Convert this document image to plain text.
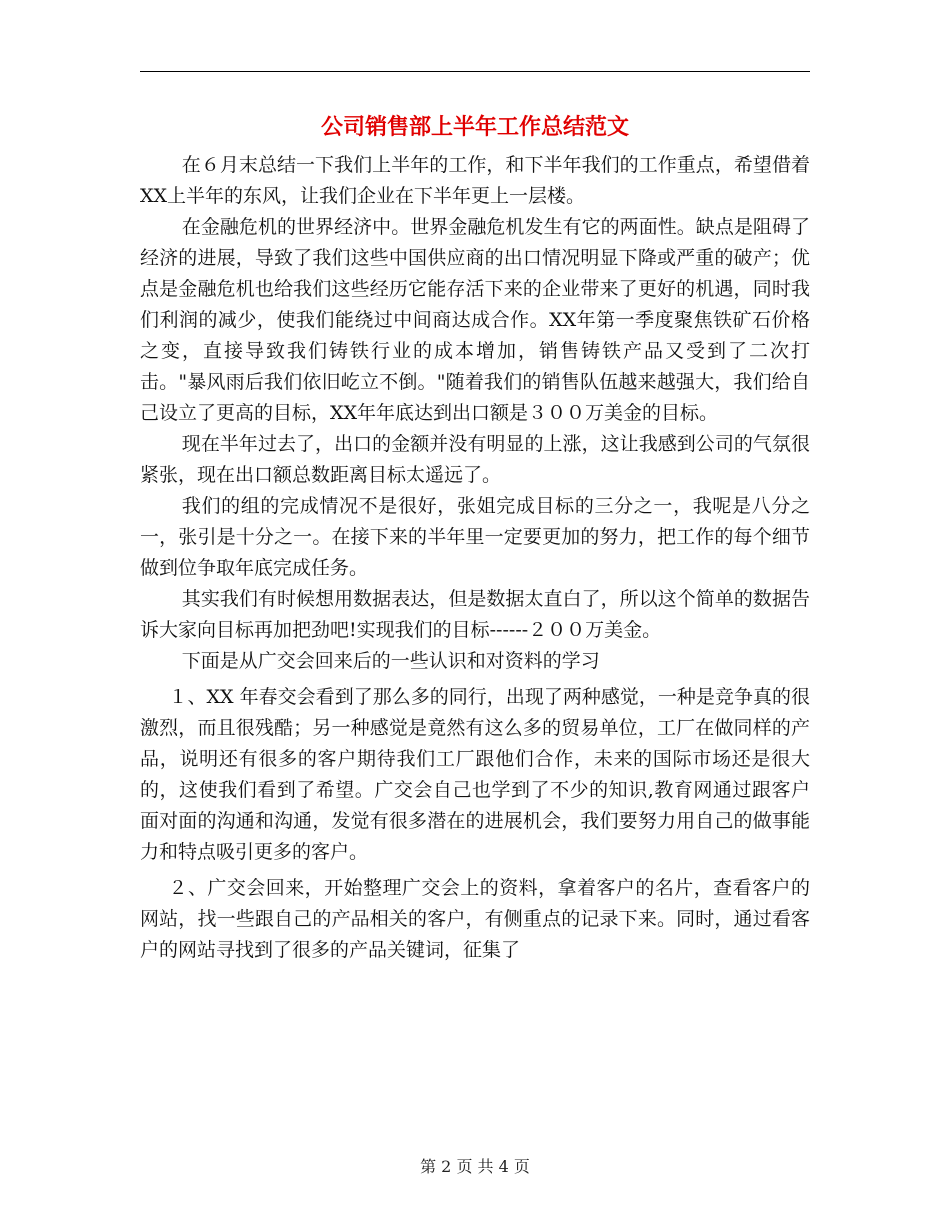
公司销售部上半年工作总结范文

在６月末总结一下我们上半年的工作，和下半年我们的工作重点，希望借着XX上半年的东风，让我们企业在下半年更上一层楼。

在金融危机的世界经济中。世界金融危机发生有它的两面性。缺点是阻碍了经济的进展，导致了我们这些中国供应商的出口情况明显下降或严重的破产；优点是金融危机也给我们这些经历它能存活下来的企业带来了更好的机遇，同时我们利润的减少，使我们能绕过中间商达成合作。XX年第一季度聚焦铁矿石价格之变，直接导致我们铸铁行业的成本增加，销售铸铁产品又受到了二次打击。"暴风雨后我们依旧屹立不倒。"随着我们的销售队伍越来越强大，我们给自己设立了更高的目标，XX年年底达到出口额是３００万美金的目标。

现在半年过去了，出口的金额并没有明显的上涨，这让我感到公司的气氛很紧张，现在出口额总数距离目标太遥远了。

我们的组的完成情况不是很好，张姐完成目标的三分之一，我呢是八分之一，张引是十分之一。在接下来的半年里一定要更加的努力，把工作的每个细节做到位争取年底完成任务。

其实我们有时候想用数据表达，但是数据太直白了，所以这个简单的数据告诉大家向目标再加把劲吧!实现我们的目标------２００万美金。

下面是从广交会回来后的一些认识和对资料的学习

１、XX 年春交会看到了那么多的同行，出现了两种感觉，一种是竞争真的很激烈，而且很残酷；另一种感觉是竟然有这么多的贸易单位，工厂在做同样的产品，说明还有很多的客户期待我们工厂跟他们合作，未来的国际市场还是很大的，这使我们看到了希望。广交会自己也学到了不少的知识,教育网通过跟客户面对面的沟通和沟通，发觉有很多潜在的进展机会，我们要努力用自己的做事能力和特点吸引更多的客户。

２、广交会回来，开始整理广交会上的资料，拿着客户的名片，查看客户的网站，找一些跟自己的产品相关的客户，有侧重点的记录下来。同时，通过看客户的网站寻找到了很多的产品关键词，征集了

第 2 页 共 4 页
